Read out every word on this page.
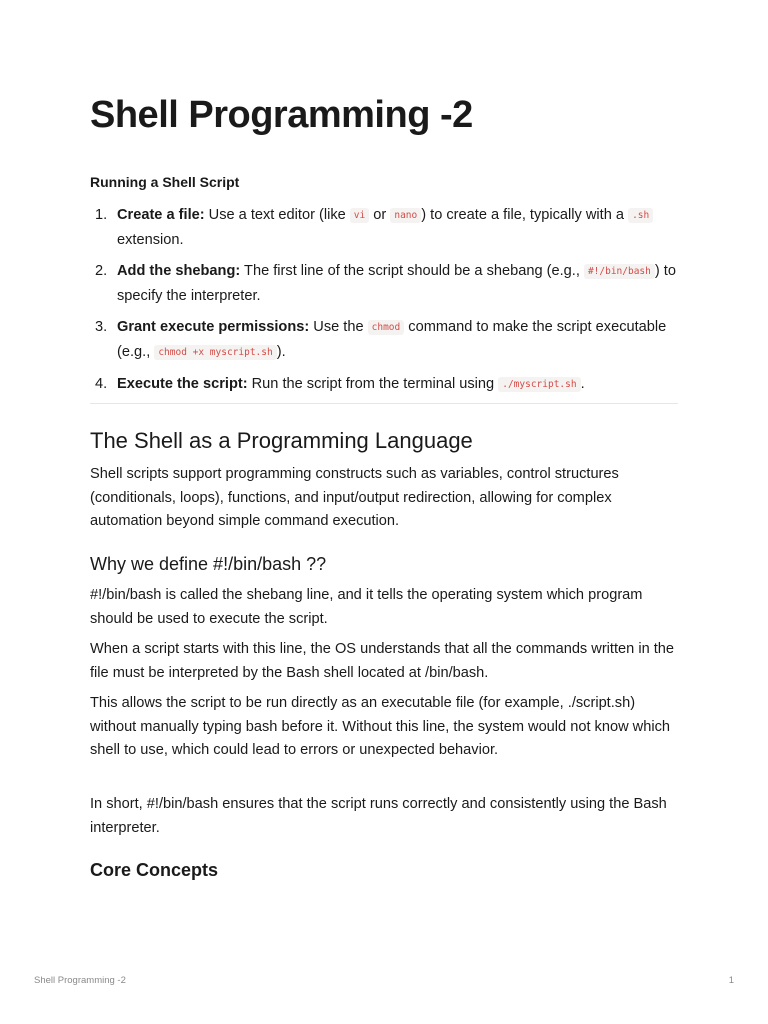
Shell Programming -2

Running a Shell Script

1. Create a file: Use a text editor (like vi or nano ) to create a file, typically with a .sh extension.
2. Add the shebang: The first line of the script should be a shebang (e.g., #!/bin/bash ) to specify the interpreter.
3. Grant execute permissions: Use the chmod command to make the script executable (e.g., chmod +x myscript.sh ).
4. Execute the script: Run the script from the terminal using ./myscript.sh .
The Shell as a Programming Language

Shell scripts support programming constructs such as variables, control structures (conditionals, loops), functions, and input/output redirection, allowing for complex automation beyond simple command execution.

Why we define #!/bin/bash ??

#!/bin/bash is called the shebang line, and it tells the operating system which program should be used to execute the script.

When a script starts with this line, the OS understands that all the commands written in the file must be interpreted by the Bash shell located at /bin/bash.

This allows the script to be run directly as an executable file (for example, ./script.sh) without manually typing bash before it. Without this line, the system would not know which shell to use, which could lead to errors or unexpected behavior.

In short, #!/bin/bash ensures that the script runs correctly and consistently using the Bash interpreter.

Core Concepts
Shell Programming -2	1
